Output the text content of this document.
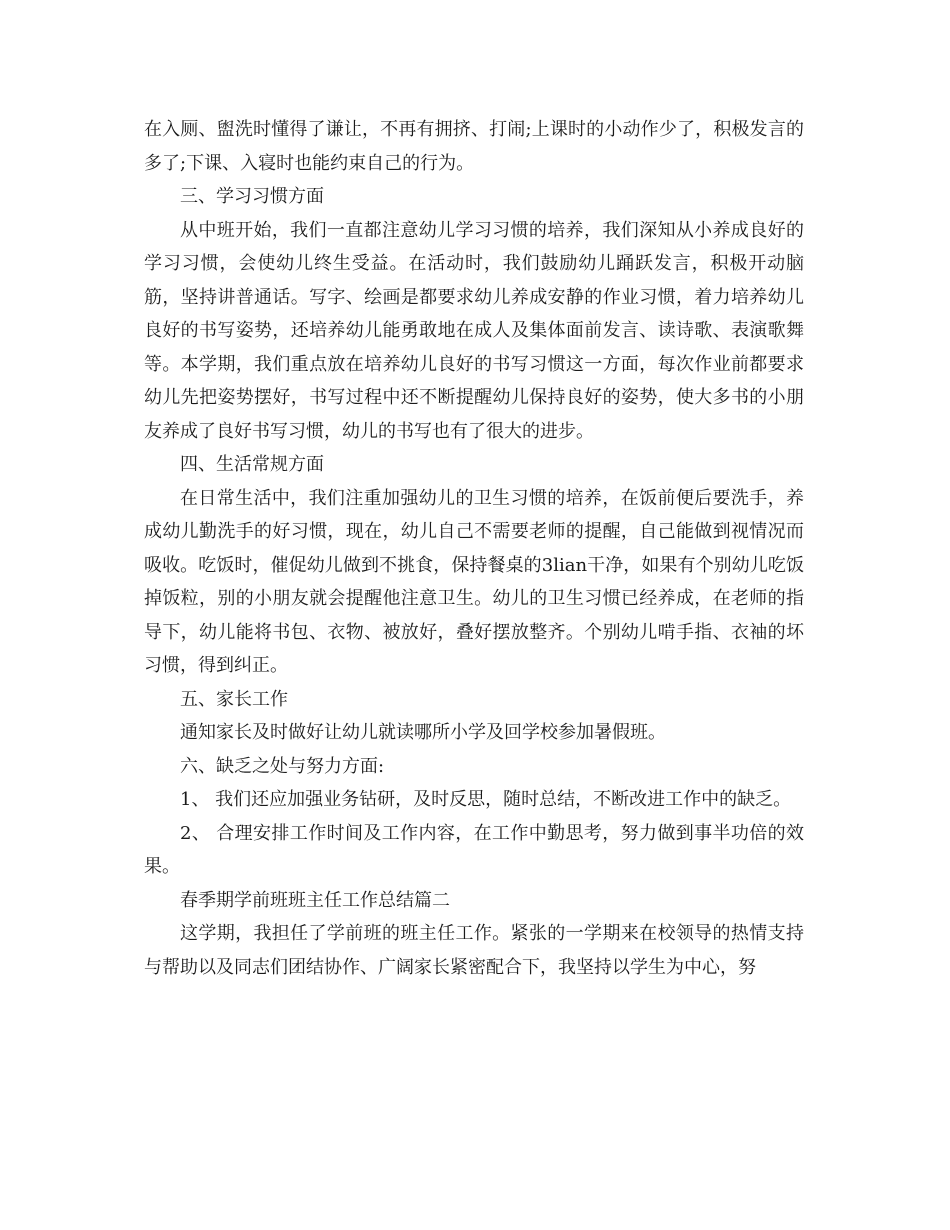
在入厕、盥洗时懂得了谦让，不再有拥挤、打闹;上课时的小动作少了，积极发言的多了;下课、入寝时也能约束自己的行为。

三、学习习惯方面

从中班开始，我们一直都注意幼儿学习习惯的培养，我们深知从小养成良好的学习习惯，会使幼儿终生受益。在活动时，我们鼓励幼儿踊跃发言，积极开动脑筋，坚持讲普通话。写字、绘画是都要求幼儿养成安静的作业习惯，着力培养幼儿良好的书写姿势，还培养幼儿能勇敢地在成人及集体面前发言、读诗歌、表演歌舞等。本学期，我们重点放在培养幼儿良好的书写习惯这一方面，每次作业前都要求幼儿先把姿势摆好，书写过程中还不断提醒幼儿保持良好的姿势，使大多书的小朋友养成了良好书写习惯，幼儿的书写也有了很大的进步。

四、生活常规方面

在日常生活中，我们注重加强幼儿的卫生习惯的培养，在饭前便后要洗手，养成幼儿勤洗手的好习惯，现在，幼儿自己不需要老师的提醒，自己能做到视情况而吸收。吃饭时，催促幼儿做到不挑食，保持餐桌的3lian干净，如果有个别幼儿吃饭掉饭粒，别的小朋友就会提醒他注意卫生。幼儿的卫生习惯已经养成，在老师的指导下，幼儿能将书包、衣物、被放好，叠好摆放整齐。个别幼儿啃手指、衣袖的坏习惯，得到纠正。

五、家长工作

通知家长及时做好让幼儿就读哪所小学及回学校参加暑假班。

六、缺乏之处与努力方面:

1、 我们还应加强业务钻研，及时反思，随时总结，不断改进工作中的缺乏。

2、 合理安排工作时间及工作内容，在工作中勤思考，努力做到事半功倍的效果。

春季期学前班班主任工作总结篇二

这学期，我担任了学前班的班主任工作。紧张的一学期来在校领导的热情支持与帮助以及同志们团结协作、广阔家长紧密配合下，我坚持以学生为中心，努
